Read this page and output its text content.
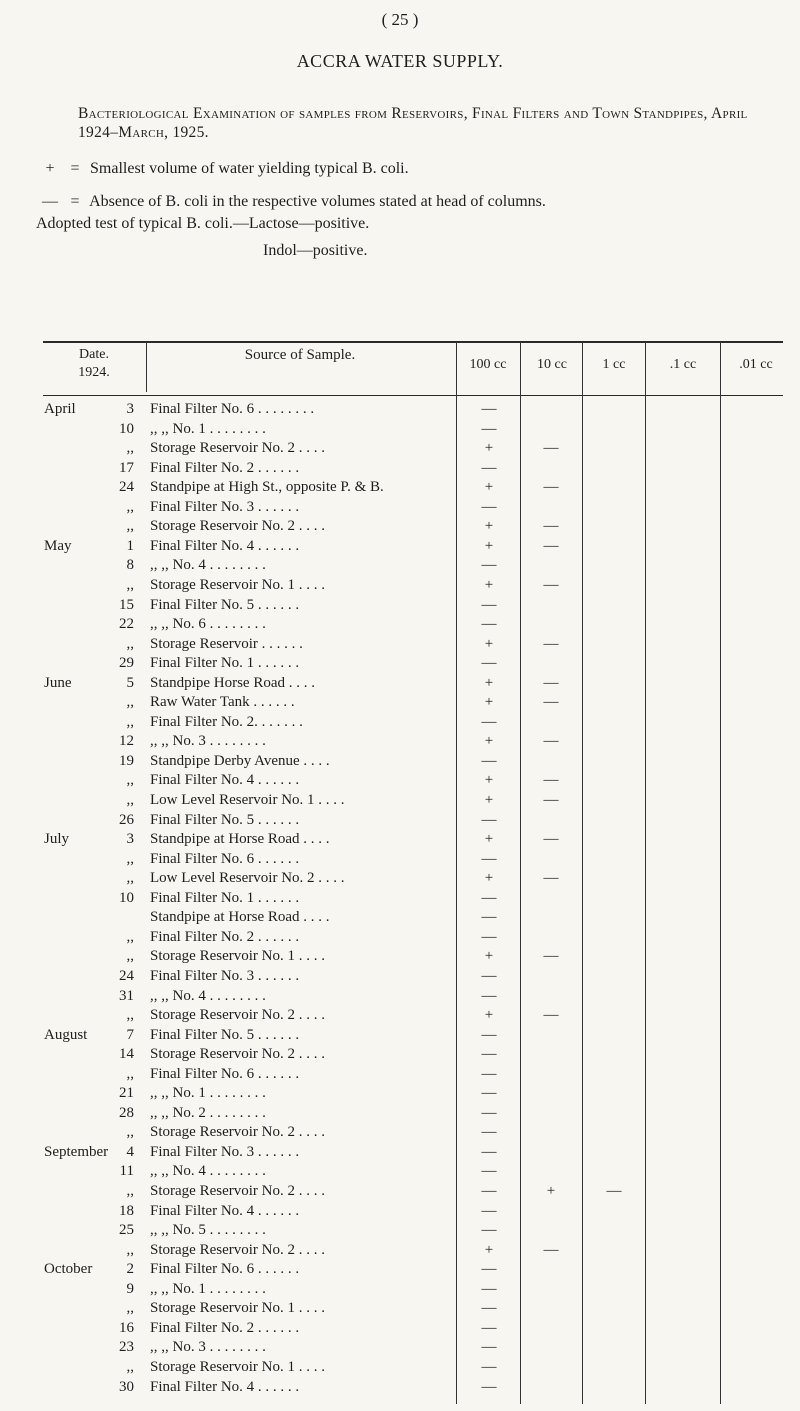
( 25 )
ACCRA WATER SUPPLY.
Bacteriological Examination of samples from Reservoirs, Final Filters and Town Standpipes, April 1924–March, 1925.
+ = Smallest volume of water yielding typical B. coli.
— = Absence of B. coli in the respective volumes stated at head of columns.
Adopted test of typical B. coli.—Lactose—positive.
Indol—positive.
Date.
1924.
Source of Sample.
100 cc	10 cc	1 cc	.1 cc	.01 cc
April	3 Final Filter No. 6 . . . . . . . .	—
10 ,, ,, No. 1 . . . . . . . .	—
,, Storage Reservoir No. 2 . . . .	+	—
17 Final Filter No. 2 . . . . . .	—
24 Standpipe at High St., opposite P. & B.	+	—
,, Final Filter No. 3 . . . . . .	—
,, Storage Reservoir No. 2 . . . .	+	—
May	1 Final Filter No. 4 . . . . . .	+	—
8 ,, ,, No. 4 . . . . . . . .	—
,, Storage Reservoir No. 1 . . . .	+	—
15 Final Filter No. 5 . . . . . .	—
22 ,, ,, No. 6 . . . . . . . .	—
,, Storage Reservoir . . . . . .	+	—
29 Final Filter No. 1 . . . . . .	—
June	5 Standpipe Horse Road . . . .	+	—
,, Raw Water Tank . . . . . .	+	—
,, Final Filter No. 2. . . . . . .	—
12 ,, ,, No. 3 . . . . . . . .	+	—
19 Standpipe Derby Avenue . . . .	—
,, Final Filter No. 4 . . . . . .	+	—
,, Low Level Reservoir No. 1 . . . .	+	—
26 Final Filter No. 5 . . . . . .	—
July	3 Standpipe at Horse Road . . . .	+	—
,, Final Filter No. 6 . . . . . .	—
,, Low Level Reservoir No. 2 . . . .	+	—
10 Final Filter No. 1 . . . . . .	—
Standpipe at Horse Road . . . .	—
,, Final Filter No. 2 . . . . . .	—
,, Storage Reservoir No. 1 . . . .	+	—
24 Final Filter No. 3 . . . . . .	—
31 ,, ,, No. 4 . . . . . . . .	—
,, Storage Reservoir No. 2 . . . .	+	—
August	7 Final Filter No. 5 . . . . . .	—
14 Storage Reservoir No. 2 . . . .	—
,, Final Filter No. 6 . . . . . .	—
21 ,, ,, No. 1 . . . . . . . .	—
28 ,, ,, No. 2 . . . . . . . .	—
,, Storage Reservoir No. 2 . . . .	—
September	4 Final Filter No. 3 . . . . . .	—
11 ,, ,, No. 4 . . . . . . . .	—
,, Storage Reservoir No. 2 . . . .	—	+	—
18 Final Filter No. 4 . . . . . .	—
25 ,, ,, No. 5 . . . . . . . .	—
,, Storage Reservoir No. 2 . . . .	+	—
October	2 Final Filter No. 6 . . . . . .	—
9 ,, ,, No. 1 . . . . . . . .	—
,, Storage Reservoir No. 1 . . . .	—
16 Final Filter No. 2 . . . . . .	—
23 ,, ,, No. 3 . . . . . . . .	—
,, Storage Reservoir No. 1 . . . .	—
30 Final Filter No. 4 . . . . . .	—
